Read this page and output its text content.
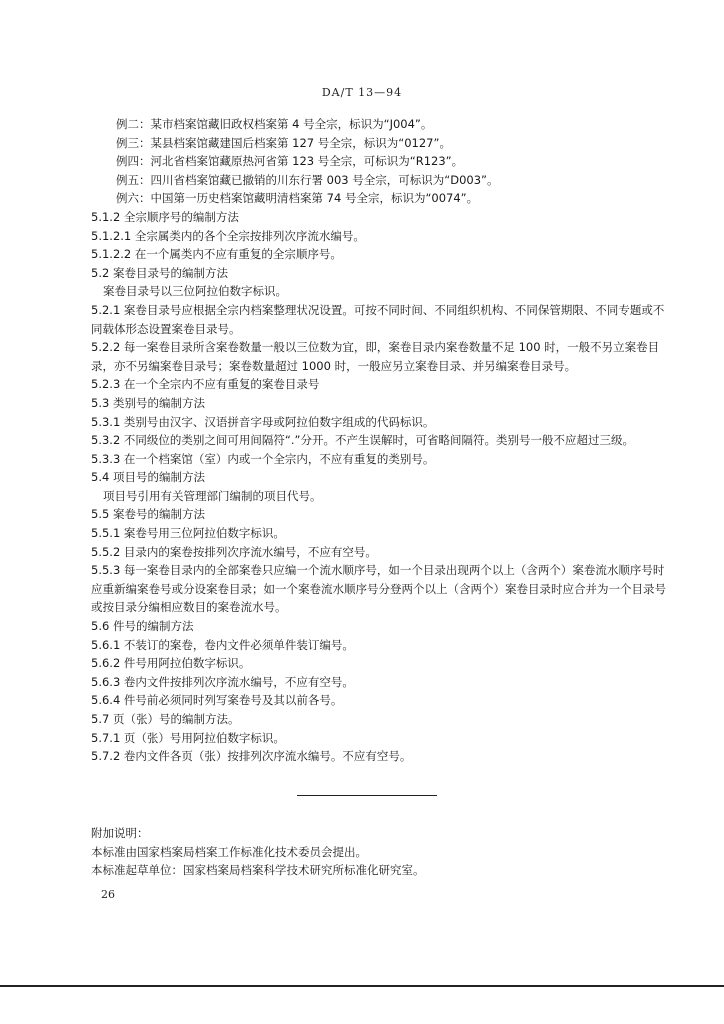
DA/T 13—94
例二：某市档案馆藏旧政权档案第 4 号全宗，标识为“J004”。
例三：某县档案馆藏建国后档案第 127 号全宗，标识为“0127”。
例四：河北省档案馆藏原热河省第 123 号全宗，可标识为“R123”。
例五：四川省档案馆藏已撤销的川东行署 003 号全宗，可标识为“D003”。
例六：中国第一历史档案馆藏明清档案第 74 号全宗，标识为“0074”。
5.1.2 全宗顺序号的编制方法
5.1.2.1 全宗属类内的各个全宗按排列次序流水编号。
5.1.2.2 在一个属类内不应有重复的全宗顺序号。
5.2 案卷目录号的编制方法
案卷目录号以三位阿拉伯数字标识。
5.2.1 案卷目录号应根据全宗内档案整理状况设置。可按不同时间、不同组织机构、不同保管期限、不同专题或不同载体形态设置案卷目录号。
5.2.2 每一案卷目录所含案卷数量一般以三位数为宜，即，案卷目录内案卷数量不足 100 时，一般不另立案卷目录，亦不另编案卷目录号；案卷数量超过 1000 时，一般应另立案卷目录、并另编案卷目录号。
5.2.3 在一个全宗内不应有重复的案卷目录号
5.3 类别号的编制方法
5.3.1 类别号由汉字、汉语拼音字母或阿拉伯数字组成的代码标识。
5.3.2 不同级位的类别之间可用间隔符“.”分开。不产生误解时，可省略间隔符。类别号一般不应超过三级。
5.3.3 在一个档案馆（室）内或一个全宗内，不应有重复的类别号。
5.4 项目号的编制方法
项目号引用有关管理部门编制的项目代号。
5.5 案卷号的编制方法
5.5.1 案卷号用三位阿拉伯数字标识。
5.5.2 目录内的案卷按排列次序流水编号，不应有空号。
5.5.3 每一案卷目录内的全部案卷只应编一个流水顺序号，如一个目录出现两个以上（含两个）案卷流水顺序号时应重新编案卷号或分设案卷目录；如一个案卷流水顺序号分登两个以上（含两个）案卷目录时应合并为一个目录号或按目录分编相应数目的案卷流水号。
5.6 件号的编制方法
5.6.1 不装订的案卷，卷内文件必须单件装订编号。
5.6.2 件号用阿拉伯数字标识。
5.6.3 卷内文件按排列次序流水编号，不应有空号。
5.6.4 件号前必须同时列写案卷号及其以前各号。
5.7 页（张）号的编制方法。
5.7.1 页（张）号用阿拉伯数字标识。
5.7.2 卷内文件各页（张）按排列次序流水编号。不应有空号。
附加说明：
本标准由国家档案局档案工作标准化技术委员会提出。
本标准起草单位：国家档案局档案科学技术研究所标准化研究室。
26
